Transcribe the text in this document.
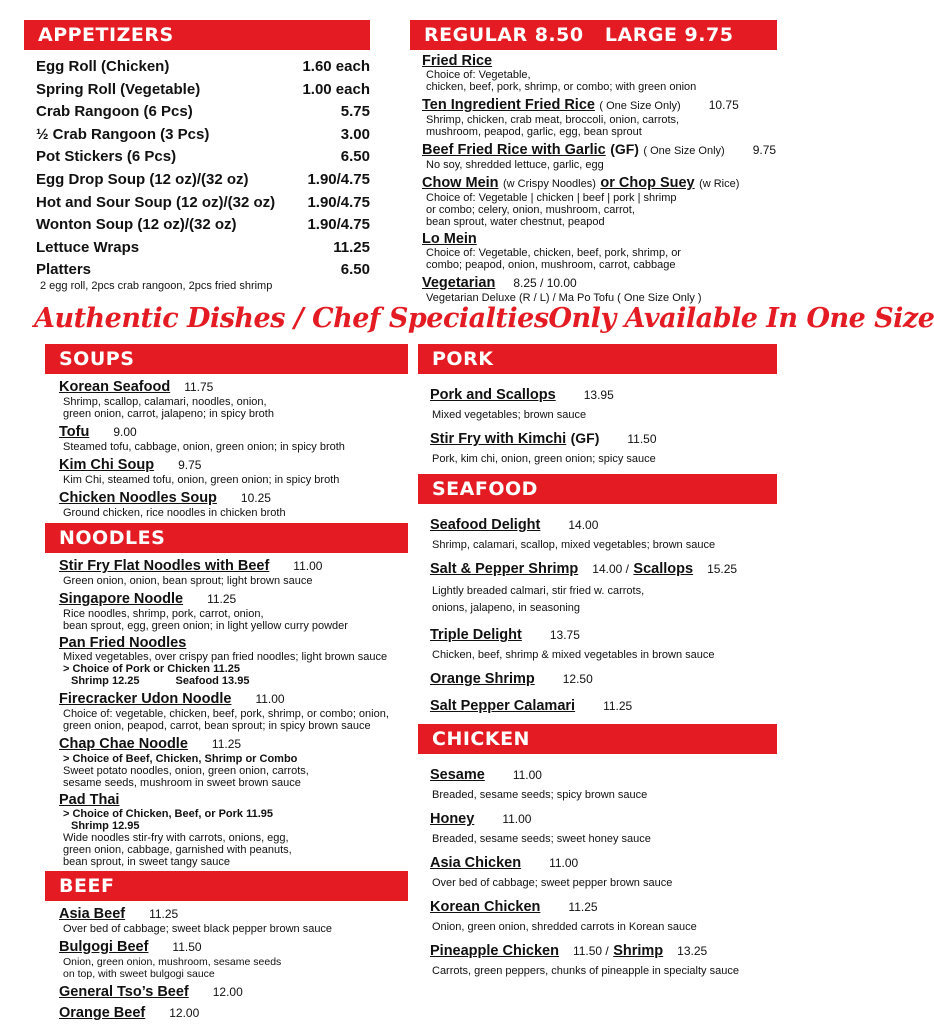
APPETIZERS
Egg Roll (Chicken)	1.60 each
Spring Roll (Vegetable)	1.00 each
Crab Rangoon (6 Pcs)	5.75
½ Crab Rangoon (3 Pcs)	3.00
Pot Stickers (6 Pcs)	6.50
Egg Drop Soup (12 oz)/(32 oz)	1.90/4.75
Hot and Sour Soup (12 oz)/(32 oz) 1.90/4.75
Wonton Soup (12 oz)/(32 oz)	1.90/4.75
Lettuce Wraps	11.25
Platters	6.50
2 egg roll, 2pcs crab rangoon, 2pcs fried shrimp
REGULAR 8.50   LARGE 9.75
Fried Rice
Choice of: Vegetable,
chicken, beef, pork, shrimp, or combo; with green onion
Ten Ingredient Fried Rice ( One Size Only) 10.75
Shrimp, chicken, crab meat, broccoli, onion, carrots,
mushroom, peapod, garlic, egg, bean sprout
Beef Fried Rice with Garlic (GF) ( One Size Only) 9.75
No soy, shredded lettuce, garlic, egg
Chow Mein (w Crispy Noodles) or Chop Suey (w Rice)
Choice of: Vegetable | chicken | beef | pork | shrimp
or combo; celery, onion, mushroom, carrot,
bean sprout, water chestnut, peapod
Lo Mein
Choice of: Vegetable, chicken, beef, pork, shrimp, or
combo; peapod, onion, mushroom, carrot, cabbage
Vegetarian 8.25 / 10.00
Vegetarian Deluxe (R / L) / Ma Po Tofu ( One Size Only )
Authentic Dishes / Chef Specialties Only Available In One Size
SOUPS
Korean Seafood 11.75
Shrimp, scallop, calamari, noodles, onion,
green onion, carrot, jalapeno; in spicy broth
Tofu 9.00
Steamed tofu, cabbage, onion, green onion; in spicy broth
Kim Chi Soup 9.75
Kim Chi, steamed tofu, onion, green onion; in spicy broth
Chicken Noodles Soup 10.25
Ground chicken, rice noodles in chicken broth
NOODLES
Stir Fry Flat Noodles with Beef 11.00
Green onion, onion, bean sprout; light brown sauce
Singapore Noodle 11.25
Rice noodles, shrimp, pork, carrot, onion,
bean sprout, egg, green onion; in light yellow curry powder
Pan Fried Noodles
Mixed vegetables, over crispy pan fried noodles; light brown sauce
> Choice of Pork or Chicken 11.25
Shrimp 12.25	Seafood 13.95
Firecracker Udon Noodle 11.00
Choice of: vegetable, chicken, beef, pork, shrimp, or combo; onion,
green onion, peapod, carrot, bean sprout; in spicy brown sauce
Chap Chae Noodle 11.25
> Choice of Beef, Chicken, Shrimp or Combo
Sweet potato noodles, onion, green onion, carrots,
sesame seeds, mushroom in sweet brown sauce
Pad Thai
> Choice of Chicken, Beef, or Pork 11.95
Shrimp 12.95
Wide noodles stir-fry with carrots, onions, egg,
green onion, cabbage, garnished with peanuts,
bean sprout, in sweet tangy sauce
BEEF
Asia Beef 11.25
Over bed of cabbage; sweet black pepper brown sauce
Bulgogi Beef 11.50
Onion, green onion, mushroom, sesame seeds
on top, with sweet bulgogi sauce
General Tso’s Beef 12.00
Orange Beef 12.00
PORK
Pork and Scallops 13.95
Mixed vegetables; brown sauce
Stir Fry with Kimchi (GF) 11.50
Pork, kim chi, onion, green onion; spicy sauce
SEAFOOD
Seafood Delight 14.00
Shrimp, calamari, scallop, mixed vegetables; brown sauce
Salt & Pepper Shrimp 14.00 / Scallops 15.25
Lightly breaded calmari, stir fried w. carrots,
onions, jalapeno, in seasoning
Triple Delight 13.75
Chicken, beef, shrimp & mixed vegetables in brown sauce
Orange Shrimp 12.50
Salt Pepper Calamari 11.25
CHICKEN
Sesame 11.00
Breaded, sesame seeds; spicy brown sauce
Honey 11.00
Breaded, sesame seeds; sweet honey sauce
Asia Chicken 11.00
Over bed of cabbage; sweet pepper brown sauce
Korean Chicken 11.25
Onion, green onion, shredded carrots in Korean sauce
Pineapple Chicken 11.50 / Shrimp 13.25
Carrots, green peppers, chunks of pineapple in specialty sauce
